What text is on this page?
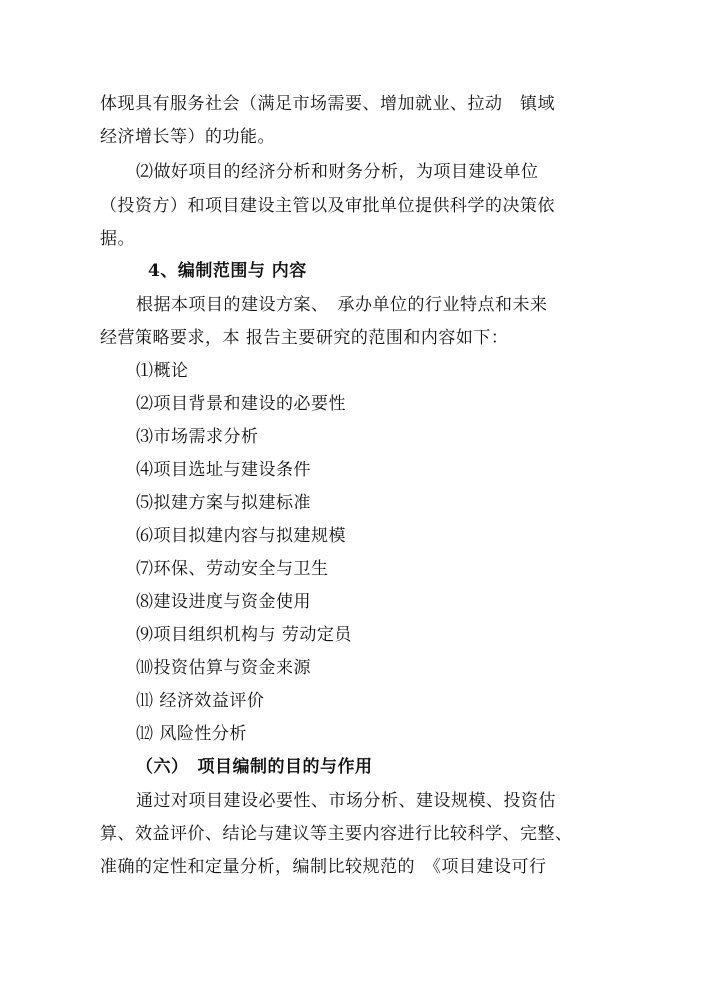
体现具有服务社会（满足市场需要、增加就业、拉动　镇域
经济增长等）的功能。
⑵做好项目的经济分析和财务分析，为项目建设单位
（投资方）和项目建设主管以及审批单位提供科学的决策依
据。
4、编制范围与 内容
根据本项目的建设方案、　承办单位的行业特点和未来
经营策略要求，本 报告主要研究的范围和内容如下：
⑴概论
⑵项目背景和建设的必要性
⑶市场需求分析
⑷项目选址与建设条件
⑸拟建方案与拟建标准
⑹项目拟建内容与拟建规模
⑺环保、劳动安全与卫生
⑻建设进度与资金使用
⑼项目组织机构与 劳动定员
⑽投资估算与资金来源
⑾ 经济效益评价
⑿ 风险性分析
（六）　项目编制的目的与作用
通过对项目建设必要性、市场分析、建设规模、投资估
算、效益评价、结论与建议等主要内容进行比较科学、完整、
准确的定性和定量分析，编制比较规范的　《项目建设可行
